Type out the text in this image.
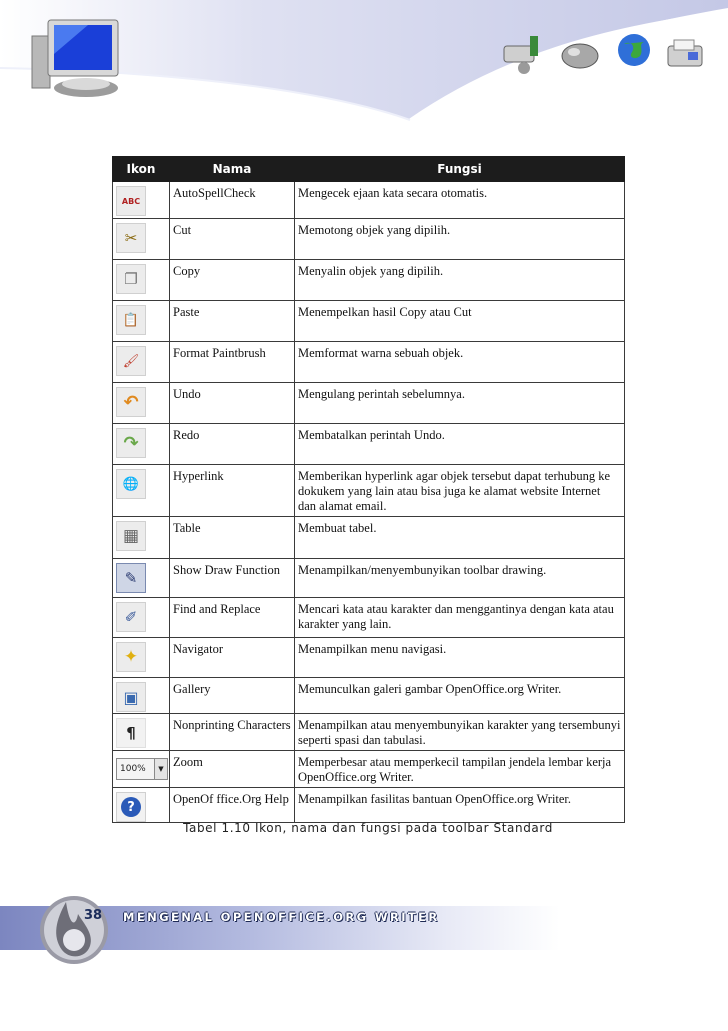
Ikon	Nama	Fungsi

ABC	AutoSpellCheck	Mengecek ejaan kata secara otomatis.

✂	Cut	Memotong objek yang dipilih.

❐	Copy	Menyalin objek yang dipilih.

📋	Paste	Menempelkan hasil Copy atau Cut

🖌	Format Paintbrush	Memformat warna sebuah objek.

↶	Undo	Mengulang perintah sebelumnya.

↷	Redo	Membatalkan perintah Undo.

🌐	Hyperlink	Memberikan hyperlink agar objek tersebut dapat terhubung ke dokukem yang lain atau bisa juga ke alamat website Internet dan alamat email.

▦	Table	Membuat tabel.

✎	Show Draw Function	Menampilkan/menyembunyikan toolbar drawing.

✐	Find and Replace	Mencari kata atau karakter dan menggantinya dengan kata atau karakter yang lain.

✦	Navigator	Menampilkan menu navigasi.

▣	Gallery	Memunculkan galeri gambar OpenOffice.org Writer.

¶	Nonprinting Characters	Menampilkan atau menyembunyikan karakter yang tersembunyi seperti spasi dan tabulasi.

100% ▼	Zoom	Memperbesar atau memperkecil tampilan jendela lembar kerja OpenOffice.org Writer.

?	OpenOf ffice.Org Help	Menampilkan fasilitas bantuan OpenOffice.org Writer.
Tabel 1.10 Ikon, nama dan fungsi pada toolbar Standard
38 MENGENAL OPENOFFICE.ORG WRITER
